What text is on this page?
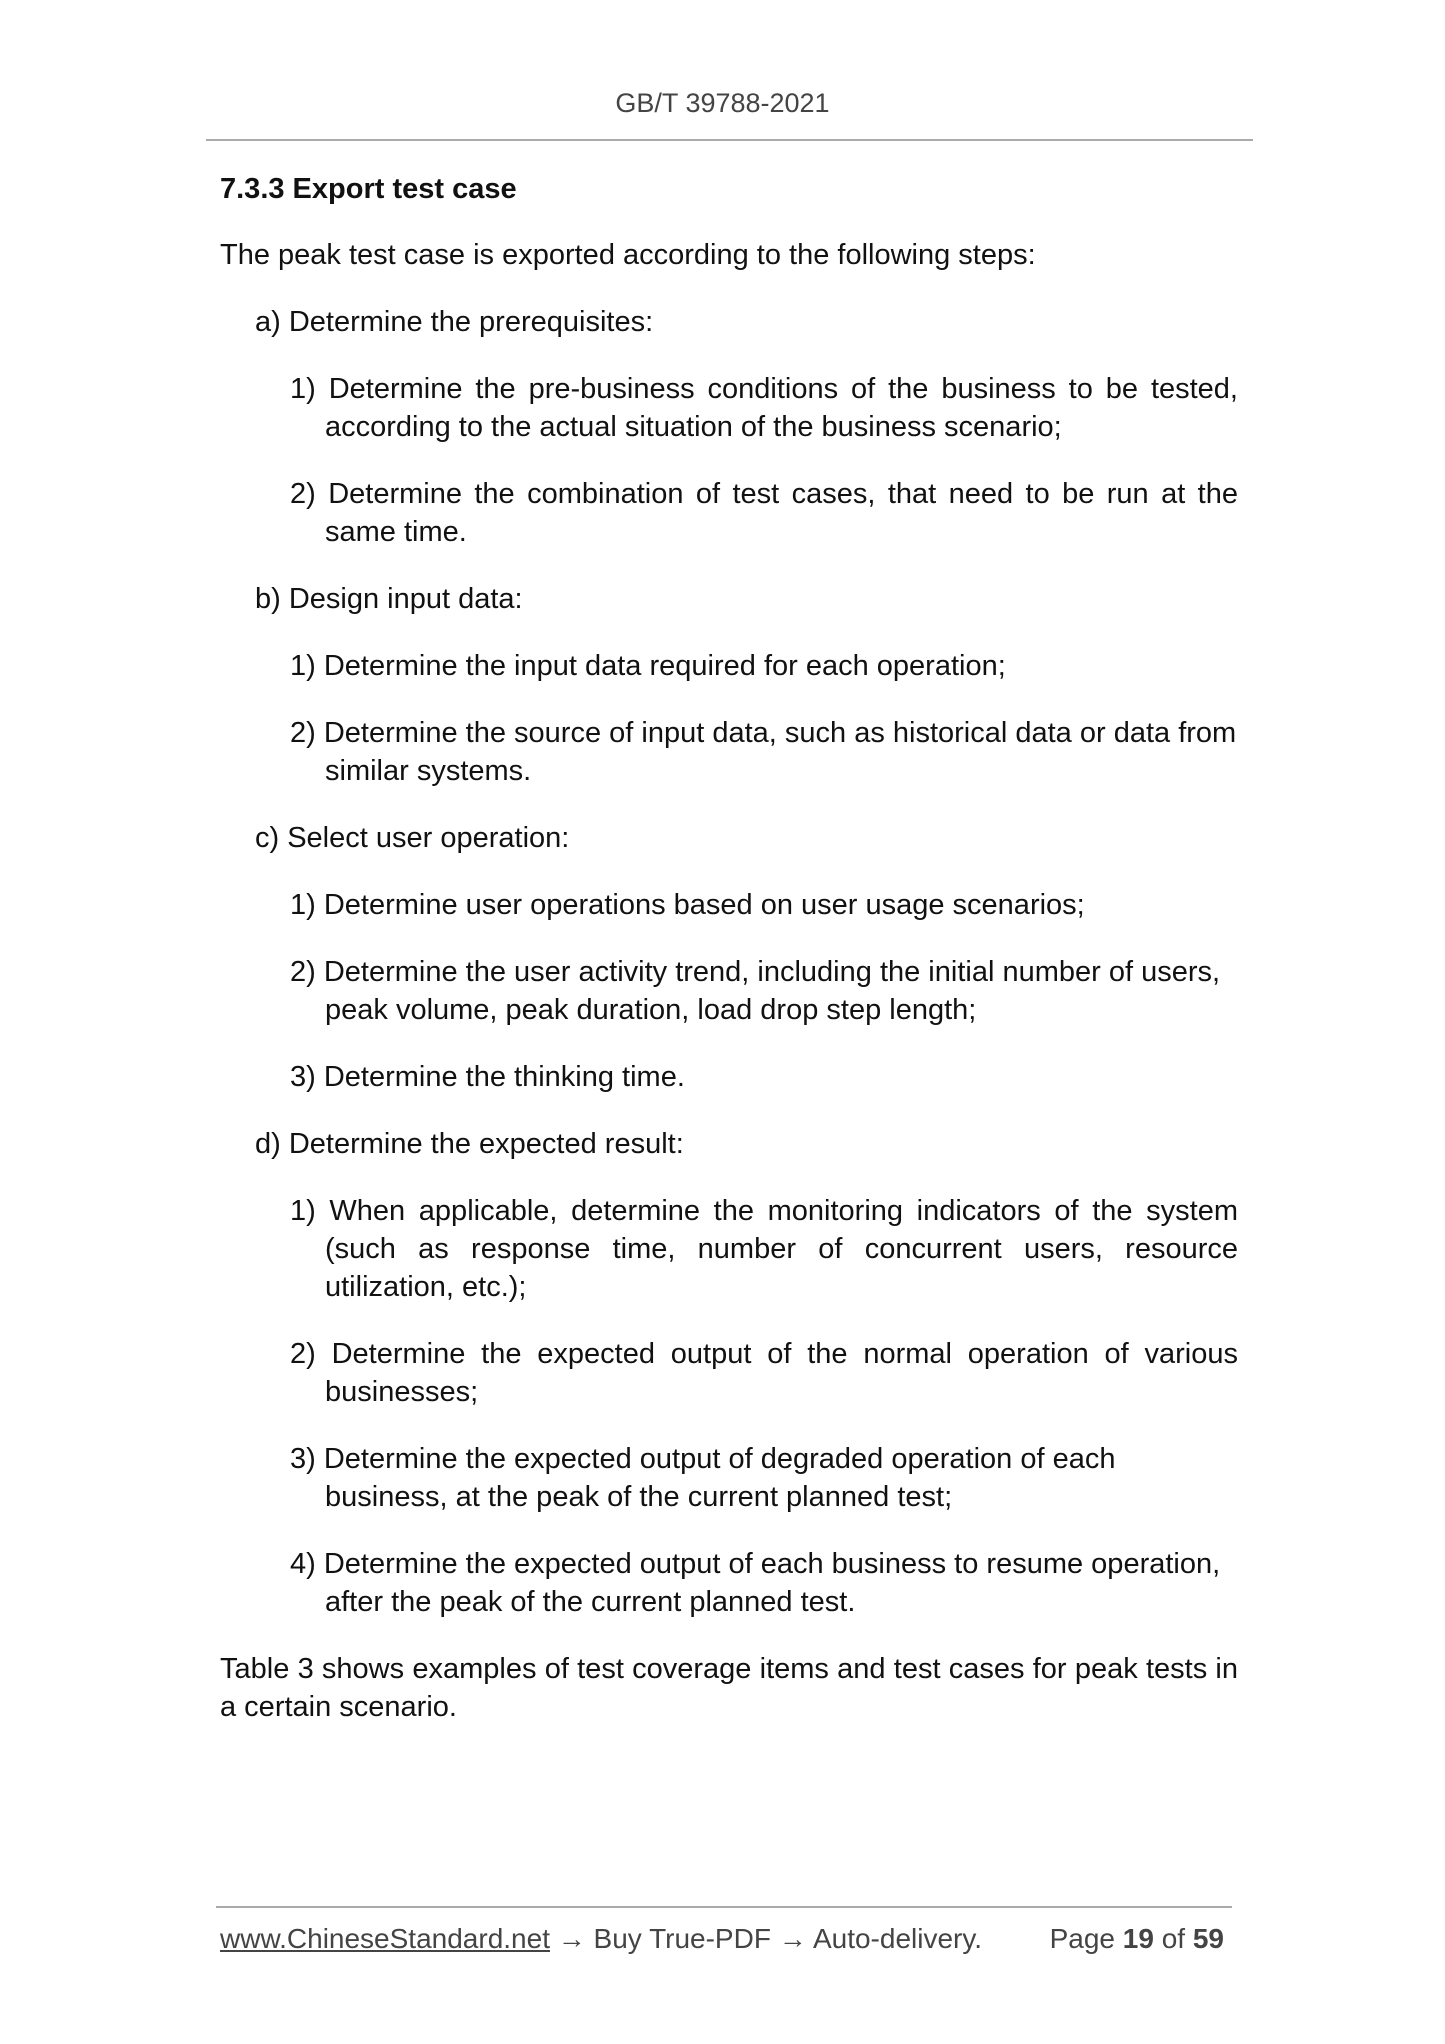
GB/T 39788-2021
7.3.3 Export test case
The peak test case is exported according to the following steps:
a) Determine the prerequisites:
1) Determine the pre-business conditions of the business to be tested, according to the actual situation of the business scenario;
2) Determine the combination of test cases, that need to be run at the same time.
b) Design input data:
1) Determine the input data required for each operation;
2) Determine the source of input data, such as historical data or data from similar systems.
c) Select user operation:
1) Determine user operations based on user usage scenarios;
2) Determine the user activity trend, including the initial number of users, peak volume, peak duration, load drop step length;
3) Determine the thinking time.
d) Determine the expected result:
1) When applicable, determine the monitoring indicators of the system (such as response time, number of concurrent users, resource utilization, etc.);
2) Determine the expected output of the normal operation of various businesses;
3) Determine the expected output of degraded operation of each business, at the peak of the current planned test;
4) Determine the expected output of each business to resume operation, after the peak of the current planned test.
Table 3 shows examples of test coverage items and test cases for peak tests in a certain scenario.
www.ChineseStandard.net → Buy True-PDF → Auto-delivery. Page 19 of 59
